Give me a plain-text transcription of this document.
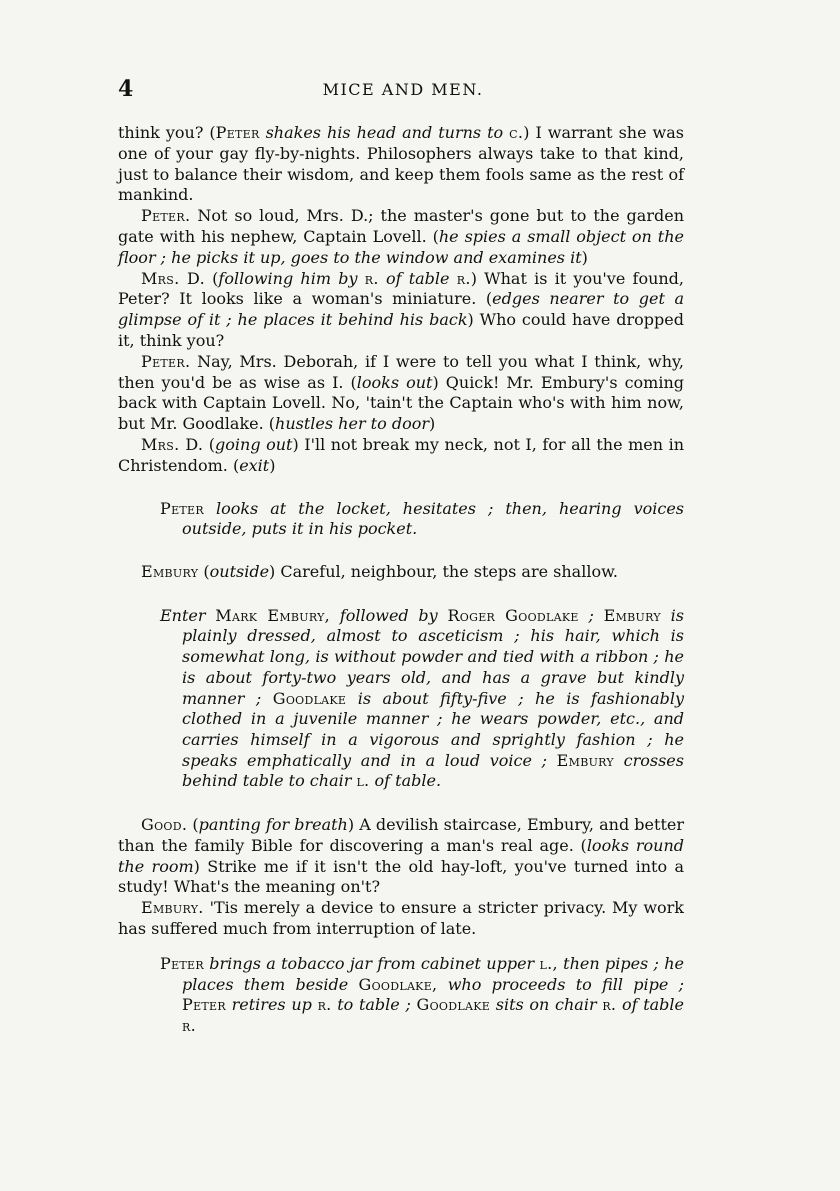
4	MICE AND MEN.

think you? (Peter shakes his head and turns to c.) I warrant she was one of your gay fly-by-nights. Philosophers always take to that kind, just to balance their wisdom, and keep them fools same as the rest of mankind.

Peter. Not so loud, Mrs. D.; the master's gone but to the garden gate with his nephew, Captain Lovell. (he spies a small object on the floor ; he picks it up, goes to the window and examines it)

Mrs. D. (following him by r. of table r.) What is it you've found, Peter? It looks like a woman's miniature. (edges nearer to get a glimpse of it ; he places it behind his back) Who could have dropped it, think you?

Peter. Nay, Mrs. Deborah, if I were to tell you what I think, why, then you'd be as wise as I. (looks out) Quick! Mr. Embury's coming back with Captain Lovell. No, 'tain't the Captain who's with him now, but Mr. Goodlake. (hustles her to door)

Mrs. D. (going out) I'll not break my neck, not I, for all the men in Christendom. (exit)

Peter looks at the locket, hesitates ; then, hearing voices outside, puts it in his pocket.

Embury (outside) Careful, neighbour, the steps are shallow.

Enter Mark Embury, followed by Roger Goodlake ; Embury is plainly dressed, almost to asceticism ; his hair, which is somewhat long, is without powder and tied with a ribbon ; he is about forty-two years old, and has a grave but kindly manner ; Goodlake is about fifty-five ; he is fashionably clothed in a juvenile manner ; he wears powder, etc., and carries himself in a vigorous and sprightly fashion ; he speaks emphatically and in a loud voice ; Embury crosses behind table to chair l. of table.

Good. (panting for breath) A devilish staircase, Embury, and better than the family Bible for discovering a man's real age. (looks round the room) Strike me if it isn't the old hay-loft, you've turned into a study! What's the meaning on't?

Embury. 'Tis merely a device to ensure a stricter privacy. My work has suffered much from interruption of late.

Peter brings a tobacco jar from cabinet upper l., then pipes ; he places them beside Goodlake, who proceeds to fill pipe ; Peter retires up r. to table ; Goodlake sits on chair r. of table r.
